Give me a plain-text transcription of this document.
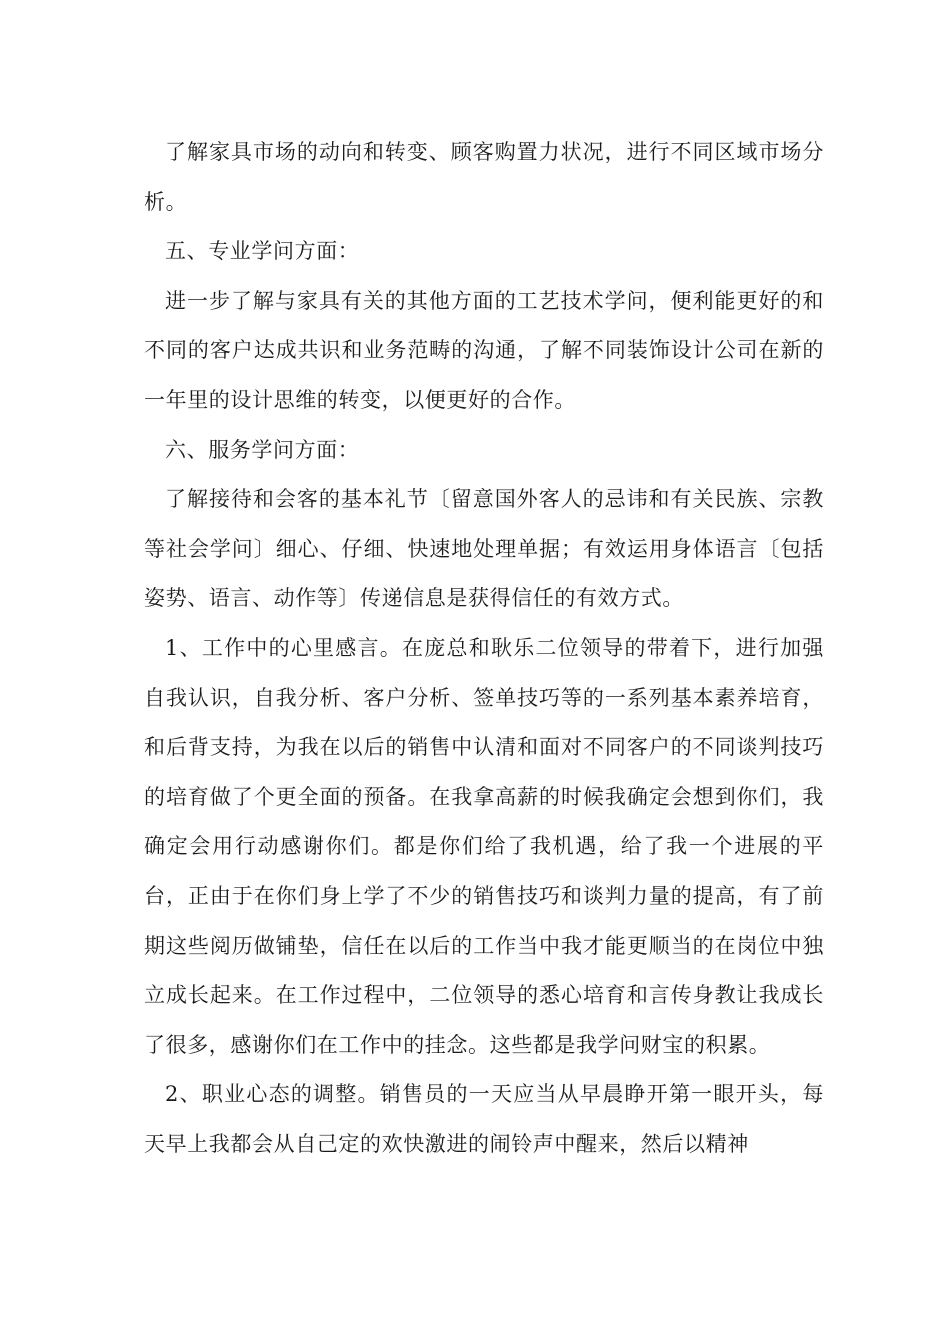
了解家具市场的动向和转变、顾客购置力状况，进行不同区域市场分析。

五、专业学问方面：

进一步了解与家具有关的其他方面的工艺技术学问，便利能更好的和不同的客户达成共识和业务范畴的沟通，了解不同装饰设计公司在新的一年里的设计思维的转变，以便更好的合作。

六、服务学问方面：

了解接待和会客的基本礼节〔留意国外客人的忌讳和有关民族、宗教等社会学问〕细心、仔细、快速地处理单据；有效运用身体语言〔包括姿势、语言、动作等〕传递信息是获得信任的有效方式。

1、工作中的心里感言。在庞总和耿乐二位领导的带着下，进行加强自我认识，自我分析、客户分析、签单技巧等的一系列基本素养培育，和后背支持，为我在以后的销售中认清和面对不同客户的不同谈判技巧的培育做了个更全面的预备。在我拿高薪的时候我确定会想到你们，我确定会用行动感谢你们。都是你们给了我机遇，给了我一个进展的平台，正由于在你们身上学了不少的销售技巧和谈判力量的提高，有了前期这些阅历做铺垫，信任在以后的工作当中我才能更顺当的在岗位中独立成长起来。在工作过程中，二位领导的悉心培育和言传身教让我成长了很多，感谢你们在工作中的挂念。这些都是我学问财宝的积累。

2、职业心态的调整。销售员的一天应当从早晨睁开第一眼开头，每天早上我都会从自己定的欢快激进的闹铃声中醒来，然后以精神
